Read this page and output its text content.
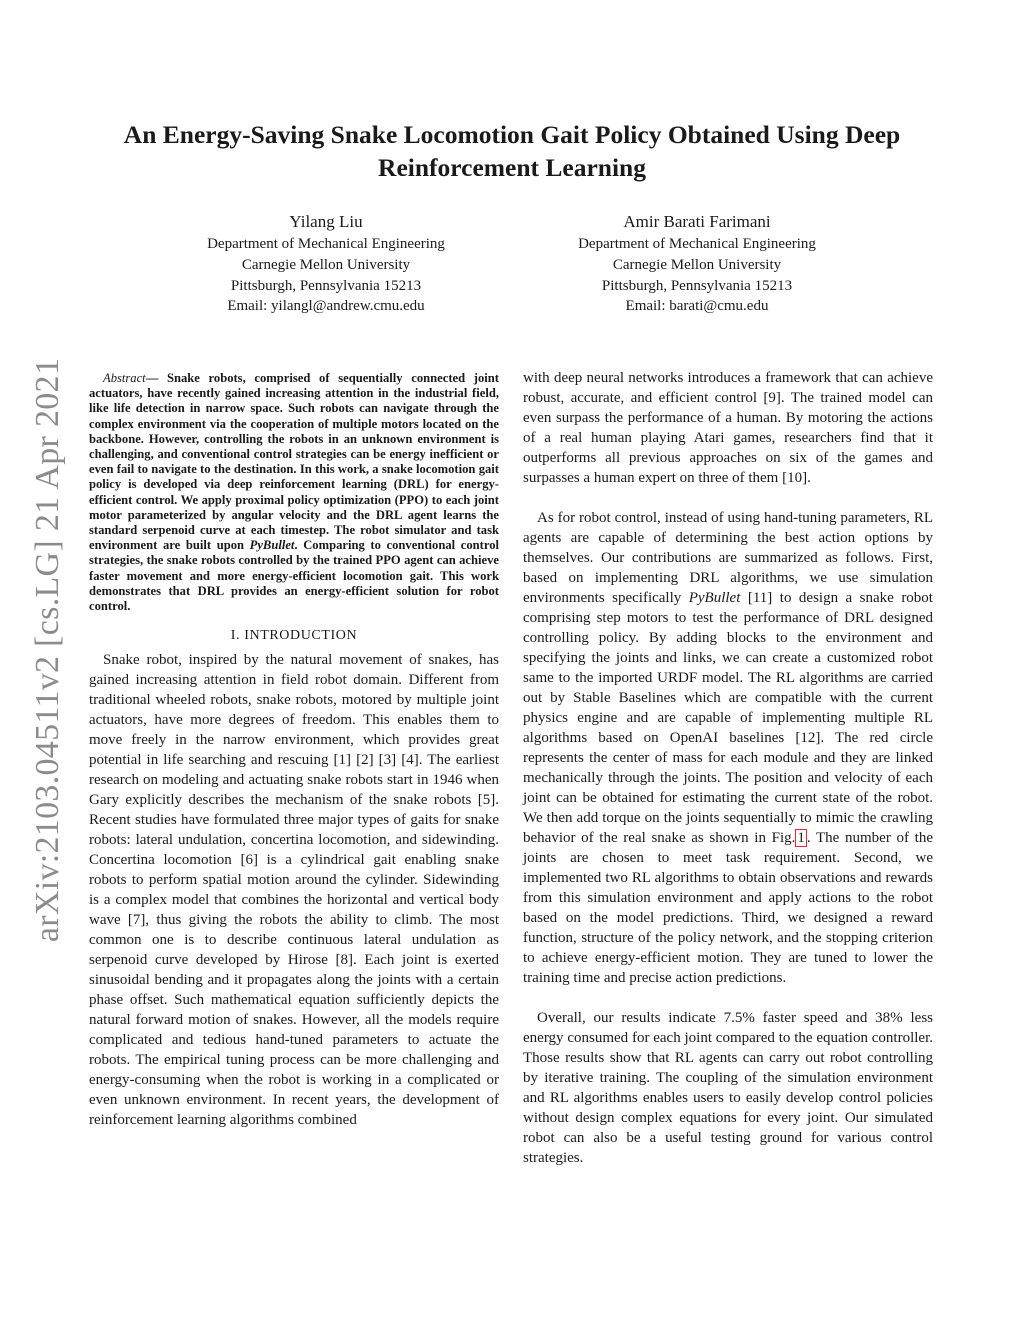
An Energy-Saving Snake Locomotion Gait Policy Obtained Using Deep Reinforcement Learning
Yilang Liu
Department of Mechanical Engineering
Carnegie Mellon University
Pittsburgh, Pennsylvania 15213
Email: yilangl@andrew.cmu.edu
Amir Barati Farimani
Department of Mechanical Engineering
Carnegie Mellon University
Pittsburgh, Pennsylvania 15213
Email: barati@cmu.edu
arXiv:2103.04511v2 [cs.LG] 21 Apr 2021	Abstract— Snake robots, comprised of sequentially connected joint actuators, have recently gained increasing attention in the industrial field, like life detection in narrow space. Such robots can navigate through the complex environment via the cooperation of multiple motors located on the backbone. However, controlling the robots in an unknown environment is challenging, and conventional control strategies can be energy inefficient or even fail to navigate to the destination. In this work, a snake locomotion gait policy is developed via deep reinforcement learning (DRL) for energy-efficient control. We apply proximal policy optimization (PPO) to each joint motor parameterized by angular velocity and the DRL agent learns the standard serpenoid curve at each timestep. The robot simulator and task environment are built upon PyBullet. Comparing to conventional control strategies, the snake robots controlled by the trained PPO agent can achieve faster movement and more energy-efficient locomotion gait. This work demonstrates that DRL provides an energy-efficient solution for robot control.

I. INTRODUCTION

Snake robot, inspired by the natural movement of snakes, has gained increasing attention in field robot domain. Different from traditional wheeled robots, snake robots, motored by multiple joint actuators, have more degrees of freedom. This enables them to move freely in the narrow environment, which provides great potential in life searching and rescuing [1] [2] [3] [4]. The earliest research on modeling and actuating snake robots start in 1946 when Gary explicitly describes the mechanism of the snake robots [5]. Recent studies have formulated three major types of gaits for snake robots: lateral undulation, concertina locomotion, and sidewinding. Concertina locomotion [6] is a cylindrical gait enabling snake robots to perform spatial motion around the cylinder. Sidewinding is a complex model that combines the horizontal and vertical body wave [7], thus giving the robots the ability to climb. The most common one is to describe continuous lateral undulation as serpenoid curve developed by Hirose [8]. Each joint is exerted sinusoidal bending and it propagates along the joints with a certain phase offset. Such mathematical equation sufficiently depicts the natural forward motion of snakes. However, all the models require complicated and tedious hand-tuned parameters to actuate the robots. The empirical tuning process can be more challenging and energy-consuming when the robot is working in a complicated or even unknown environment. In recent years, the development of reinforcement learning algorithms combined

with deep neural networks introduces a framework that can achieve robust, accurate, and efficient control [9]. The trained model can even surpass the performance of a human. By motoring the actions of a real human playing Atari games, researchers find that it outperforms all previous approaches on six of the games and surpasses a human expert on three of them [10].

As for robot control, instead of using hand-tuning parameters, RL agents are capable of determining the best action options by themselves. Our contributions are summarized as follows. First, based on implementing DRL algorithms, we use simulation environments specifically PyBullet [11] to design a snake robot comprising step motors to test the performance of DRL designed controlling policy. By adding blocks to the environment and specifying the joints and links, we can create a customized robot same to the imported URDF model. The RL algorithms are carried out by Stable Baselines which are compatible with the current physics engine and are capable of implementing multiple RL algorithms based on OpenAI baselines [12]. The red circle represents the center of mass for each module and they are linked mechanically through the joints. The position and velocity of each joint can be obtained for estimating the current state of the robot. We then add torque on the joints sequentially to mimic the crawling behavior of the real snake as shown in Fig. 1 . The number of the joints are chosen to meet task requirement. Second, we implemented two RL algorithms to obtain observations and rewards from this simulation environment and apply actions to the robot based on the model predictions. Third, we designed a reward function, structure of the policy network, and the stopping criterion to achieve energy-efficient motion. They are tuned to lower the training time and precise action predictions.

Overall, our results indicate 7.5% faster speed and 38% less energy consumed for each joint compared to the equation controller. Those results show that RL agents can carry out robot controlling by iterative training. The coupling of the simulation environment and RL algorithms enables users to easily develop control policies without design complex equations for every joint. Our simulated robot can also be a useful testing ground for various control strategies.
